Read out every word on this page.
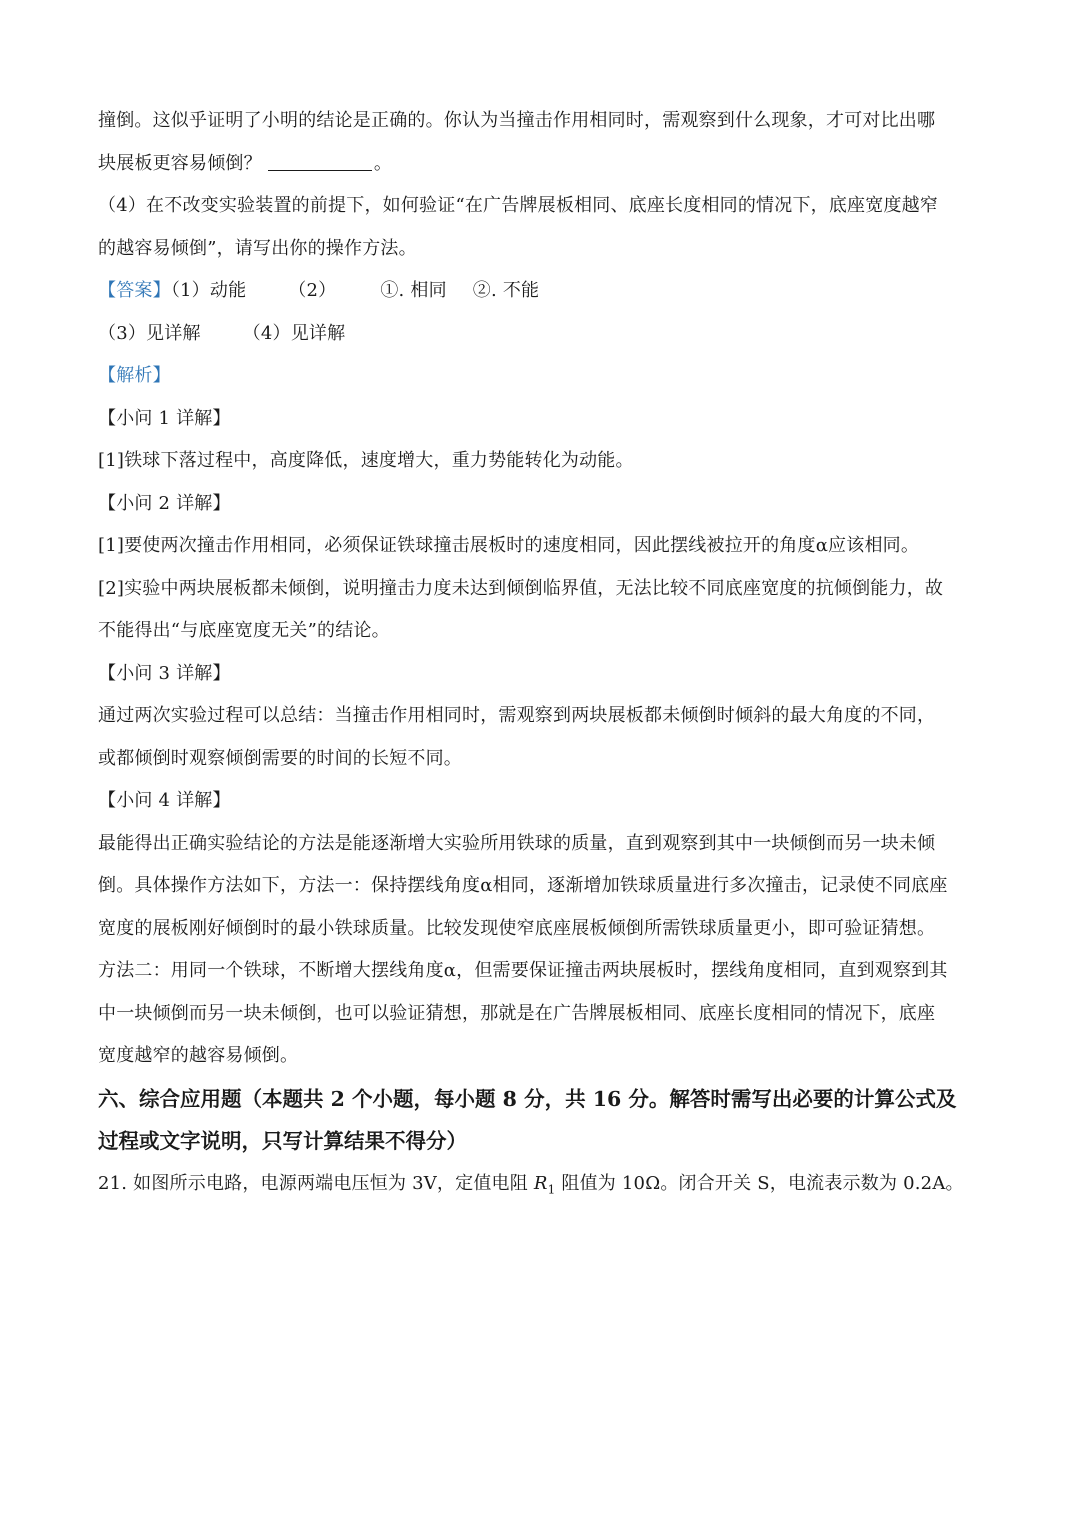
撞倒。这似乎证明了小明的结论是正确的。你认为当撞击作用相同时，需观察到什么现象，才可对比出哪
块展板更容易倾倒？	。
（4）在不改变实验装置的前提下，如何验证“在广告牌展板相同、底座长度相同的情况下，底座宽度越窄
的越容易倾倒”，请写出你的操作方法。
【答案】（1）动能 （2） ①. 相同 ②. 不能
（3）见详解 （4）见详解
【解析】
【小问 1 详解】
[1]铁球下落过程中，高度降低，速度增大，重力势能转化为动能。
【小问 2 详解】
[1]要使两次撞击作用相同，必须保证铁球撞击展板时的速度相同，因此摆线被拉开的角度α应该相同。
[2]实验中两块展板都未倾倒，说明撞击力度未达到倾倒临界值，无法比较不同底座宽度的抗倾倒能力，故
不能得出“与底座宽度无关”的结论。
【小问 3 详解】
通过两次实验过程可以总结：当撞击作用相同时，需观察到两块展板都未倾倒时倾斜的最大角度的不同，
或都倾倒时观察倾倒需要的时间的长短不同。
【小问 4 详解】
最能得出正确实验结论的方法是能逐渐增大实验所用铁球的质量，直到观察到其中一块倾倒而另一块未倾
倒。具体操作方法如下，方法一：保持摆线角度α相同，逐渐增加铁球质量进行多次撞击，记录使不同底座
宽度的展板刚好倾倒时的最小铁球质量。比较发现使窄底座展板倾倒所需铁球质量更小，即可验证猜想。
方法二：用同一个铁球，不断增大摆线角度α，但需要保证撞击两块展板时，摆线角度相同，直到观察到其
中一块倾倒而另一块未倾倒，也可以验证猜想，那就是在广告牌展板相同、底座长度相同的情况下，底座
宽度越窄的越容易倾倒。
六、综合应用题（本题共 2 个小题，每小题 8 分，共 16 分。解答时需写出必要的计算公式及
过程或文字说明，只写计算结果不得分）
21. 如图所示电路，电源两端电压恒为 3V，定值电阻 $R_1$ 阻值为 10Ω。闭合开关 S，电流表示数为 0.2A。
